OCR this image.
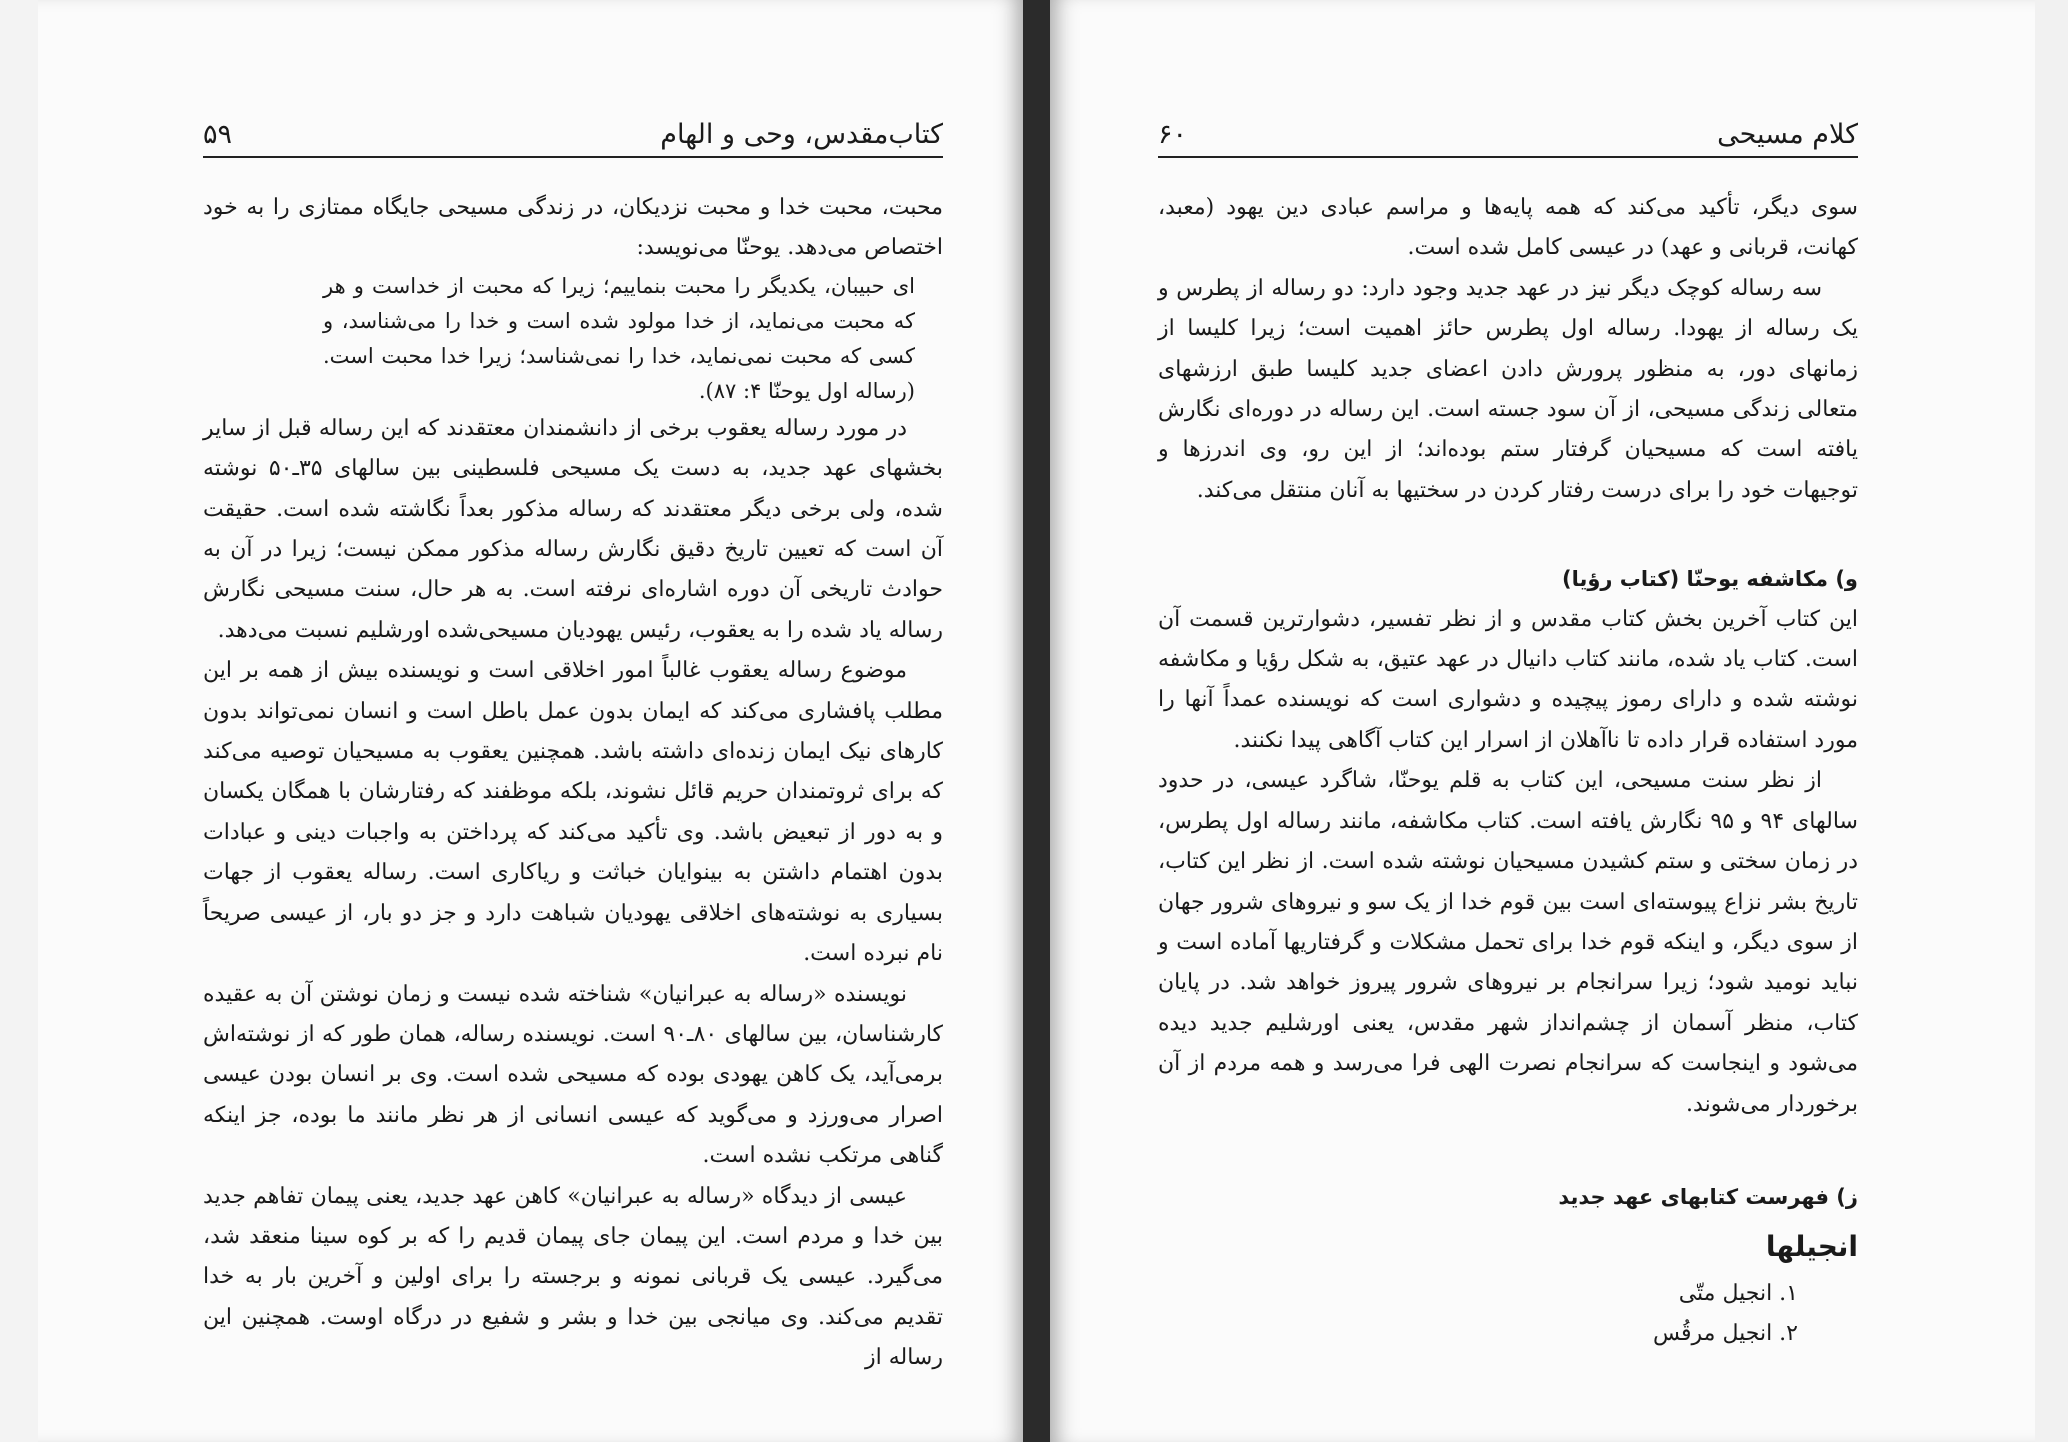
کتاب‌مقدس، وحی و الهام
۵۹

محبت، محبت خدا و محبت نزدیکان، در زندگی مسیحی جایگاه ممتازی را به خود اختصاص می‌دهد. یوحنّا می‌نویسد:

ای حبیبان، یکدیگر را محبت بنماییم؛ زیرا که محبت از خداست و هر که محبت می‌نماید، از خدا مولود شده است و خدا را می‌شناسد، و کسی که محبت نمی‌نماید، خدا را نمی‌شناسد؛ زیرا خدا محبت است. (رساله اول یوحنّا ۴: ۸۷).

در مورد رساله یعقوب برخی از دانشمندان معتقدند که این رساله قبل از سایر بخشهای عهد جدید، به دست یک مسیحی فلسطینی بین سالهای ۳۵ـ۵۰ نوشته شده، ولی برخی دیگر معتقدند که رساله مذکور بعداً نگاشته شده است. حقیقت آن است که تعیین تاریخ دقیق نگارش رساله مذکور ممکن نیست؛ زیرا در آن به حوادث تاریخی آن دوره اشاره‌ای نرفته است. به هر حال، سنت مسیحی نگارش رساله یاد شده را به یعقوب، رئیس یهودیان مسیحی‌شده اورشلیم نسبت می‌دهد.

موضوع رساله یعقوب غالباً امور اخلاقی است و نویسنده بیش از همه بر این مطلب پافشاری می‌کند که ایمان بدون عمل باطل است و انسان نمی‌تواند بدون کارهای نیک ایمان زنده‌ای داشته باشد. همچنین یعقوب به مسیحیان توصیه می‌کند که برای ثروتمندان حریم قائل نشوند، بلکه موظفند که رفتارشان با همگان یکسان و به دور از تبعیض باشد. وی تأکید می‌کند که پرداختن به واجبات دینی و عبادات بدون اهتمام داشتن به بینوایان خباثت و ریاکاری است. رساله یعقوب از جهات بسیاری به نوشته‌های اخلاقی یهودیان شباهت دارد و جز دو بار، از عیسی صریحاً نام نبرده است.

نویسنده «رساله به عبرانیان» شناخته شده نیست و زمان نوشتن آن به عقیده کارشناسان، بین سالهای ۸۰ـ۹۰ است. نویسنده رساله، همان طور که از نوشته‌اش برمی‌آید، یک کاهن یهودی بوده که مسیحی شده است. وی بر انسان بودن عیسی اصرار می‌ورزد و می‌گوید که عیسی انسانی از هر نظر مانند ما بوده، جز اینکه گناهی مرتکب نشده است.

عیسی از دیدگاه «رساله به عبرانیان» کاهن عهد جدید، یعنی پیمان تفاهم جدید بین خدا و مردم است. این پیمان جای پیمان قدیم را که بر کوه سینا منعقد شد، می‌گیرد. عیسی یک قربانی نمونه و برجسته را برای اولین و آخرین بار به خدا تقدیم می‌کند. وی میانجی بین خدا و بشر و شفیع در درگاه اوست. همچنین این رساله از

کلام مسیحی
۶۰

سوی دیگر، تأکید می‌کند که همه پایه‌ها و مراسم عبادی دین یهود (معبد، کهانت، قربانی و عهد) در عیسی کامل شده است.

سه رساله کوچک دیگر نیز در عهد جدید وجود دارد: دو رساله از پطرس و یک رساله از یهودا. رساله اول پطرس حائز اهمیت است؛ زیرا کلیسا از زمانهای دور، به منظور پرورش دادن اعضای جدید کلیسا طبق ارزشهای متعالی زندگی مسیحی، از آن سود جسته است. این رساله در دوره‌ای نگارش یافته است که مسیحیان گرفتار ستم بوده‌اند؛ از این رو، وی اندرزها و توجیهات خود را برای درست رفتار کردن در سختیها به آنان منتقل می‌کند.

و) مکاشفه یوحنّا (کتاب رؤیا)

این کتاب آخرین بخش کتاب مقدس و از نظر تفسیر، دشوارترین قسمت آن است. کتاب یاد شده، مانند کتاب دانیال در عهد عتیق، به شکل رؤیا و مکاشفه نوشته شده و دارای رموز پیچیده و دشواری است که نویسنده عمداً آنها را مورد استفاده قرار داده تا ناآهلان از اسرار این کتاب آگاهی پیدا نکنند.

از نظر سنت مسیحی، این کتاب به قلم یوحنّا، شاگرد عیسی، در حدود سالهای ۹۴ و ۹۵ نگارش یافته است. کتاب مکاشفه، مانند رساله اول پطرس، در زمان سختی و ستم کشیدن مسیحیان نوشته شده است. از نظر این کتاب، تاریخ بشر نزاع پیوسته‌ای است بین قوم خدا از یک سو و نیروهای شرور جهان از سوی دیگر، و اینکه قوم خدا برای تحمل مشکلات و گرفتاریها آماده است و نباید نومید شود؛ زیرا سرانجام بر نیروهای شرور پیروز خواهد شد. در پایان کتاب، منظر آسمان از چشم‌انداز شهر مقدس، یعنی اورشلیم جدید دیده می‌شود و اینجاست که سرانجام نصرت الهی فرا می‌رسد و همه مردم از آن برخوردار می‌شوند.

ز) فهرست کتابهای عهد جدید

انجیلها
۱. انجیل متّی
۲. انجیل مرقُس
